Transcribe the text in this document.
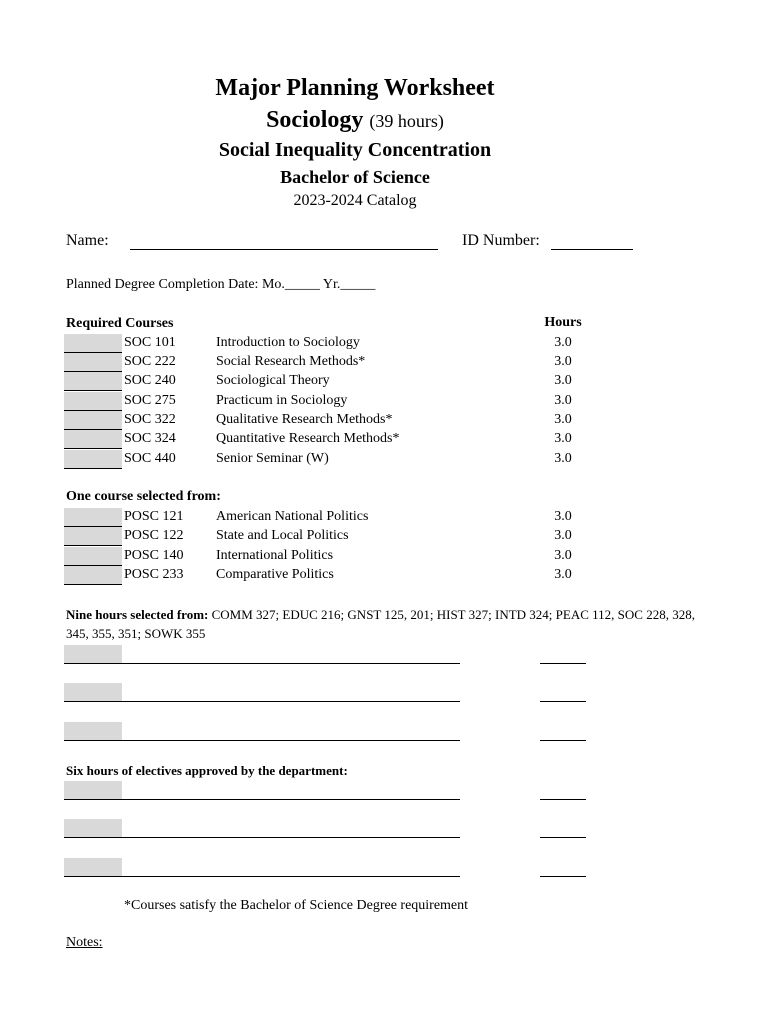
Major Planning Worksheet
Sociology (39 hours)
Social Inequality Concentration
Bachelor of Science
2023-2024 Catalog
Name:	ID Number:
Planned Degree Completion Date: Mo._____ Yr._____
Required Courses	Hours
SOC 101	Introduction to Sociology	3.0
SOC 222	Social Research Methods*	3.0
SOC 240	Sociological Theory	3.0
SOC 275	Practicum in Sociology	3.0
SOC 322	Qualitative Research Methods*	3.0
SOC 324	Quantitative Research Methods*	3.0
SOC 440	Senior Seminar (W)	3.0
One course selected from:
POSC 121 American National Politics	3.0
POSC 122 State and Local Politics	3.0
POSC 140 International Politics	3.0
POSC 233 Comparative Politics	3.0
Nine hours selected from: COMM 327; EDUC 216; GNST 125, 201; HIST 327; INTD 324; PEAC 112, SOC 228, 328, 345, 355, 351; SOWK 355
Six hours of electives approved by the department:
*Courses satisfy the Bachelor of Science Degree requirement
Notes:
